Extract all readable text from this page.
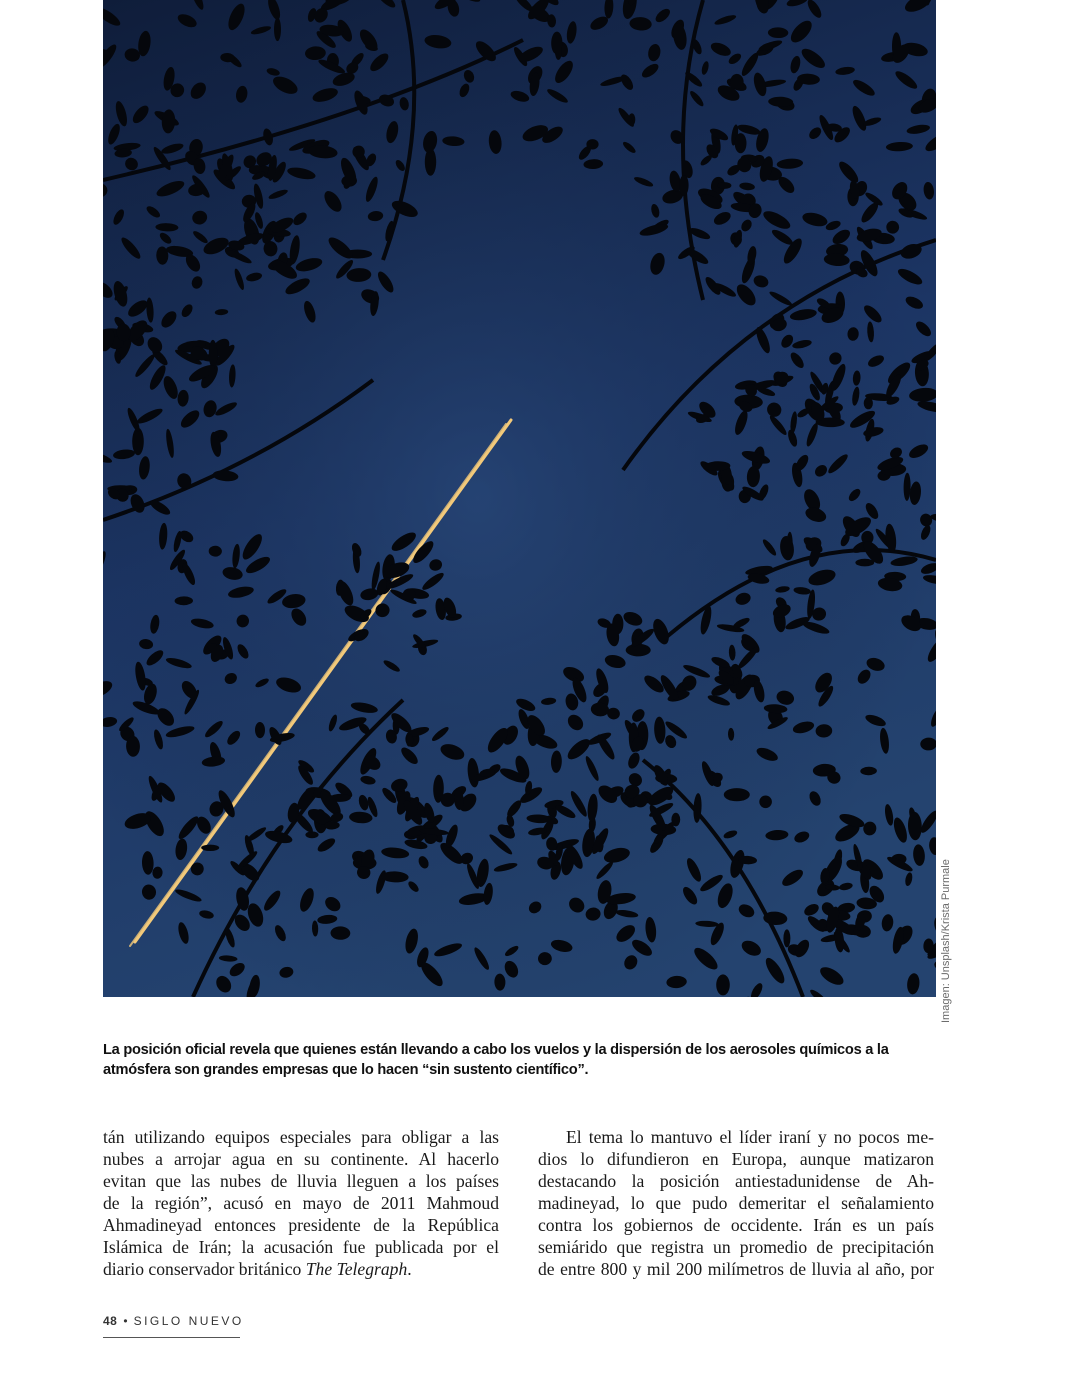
Imagen: Unsplash/Krista Purmale
La posición oficial revela que quienes están llevando a cabo los vuelos y la dispersión de los aerosoles químicos a la atmósfera son grandes empresas que lo hacen “sin sustento científico”.
tán utilizando equipos especiales para obligar a las
nubes a arrojar agua en su continente. Al hacerlo
evitan que las nubes de lluvia lleguen a los países
de la región”, acusó en mayo de 2011 Mahmoud
Ahmadineyad entonces presidente de la República
Islámica de Irán; la acusación fue publicada por el
diario conservador británico The Telegraph.
El tema lo mantuvo el líder iraní y no pocos me-
dios lo difundieron en Europa, aunque matizaron
destacando la posición antiestadunidense de Ah-
madineyad, lo que pudo demeritar el señalamiento
contra los gobiernos de occidente. Irán es un país
semiárido que registra un promedio de precipitación
de entre 800 y mil 200 milímetros de lluvia al año, por
48 • SIGLO NUEVO
